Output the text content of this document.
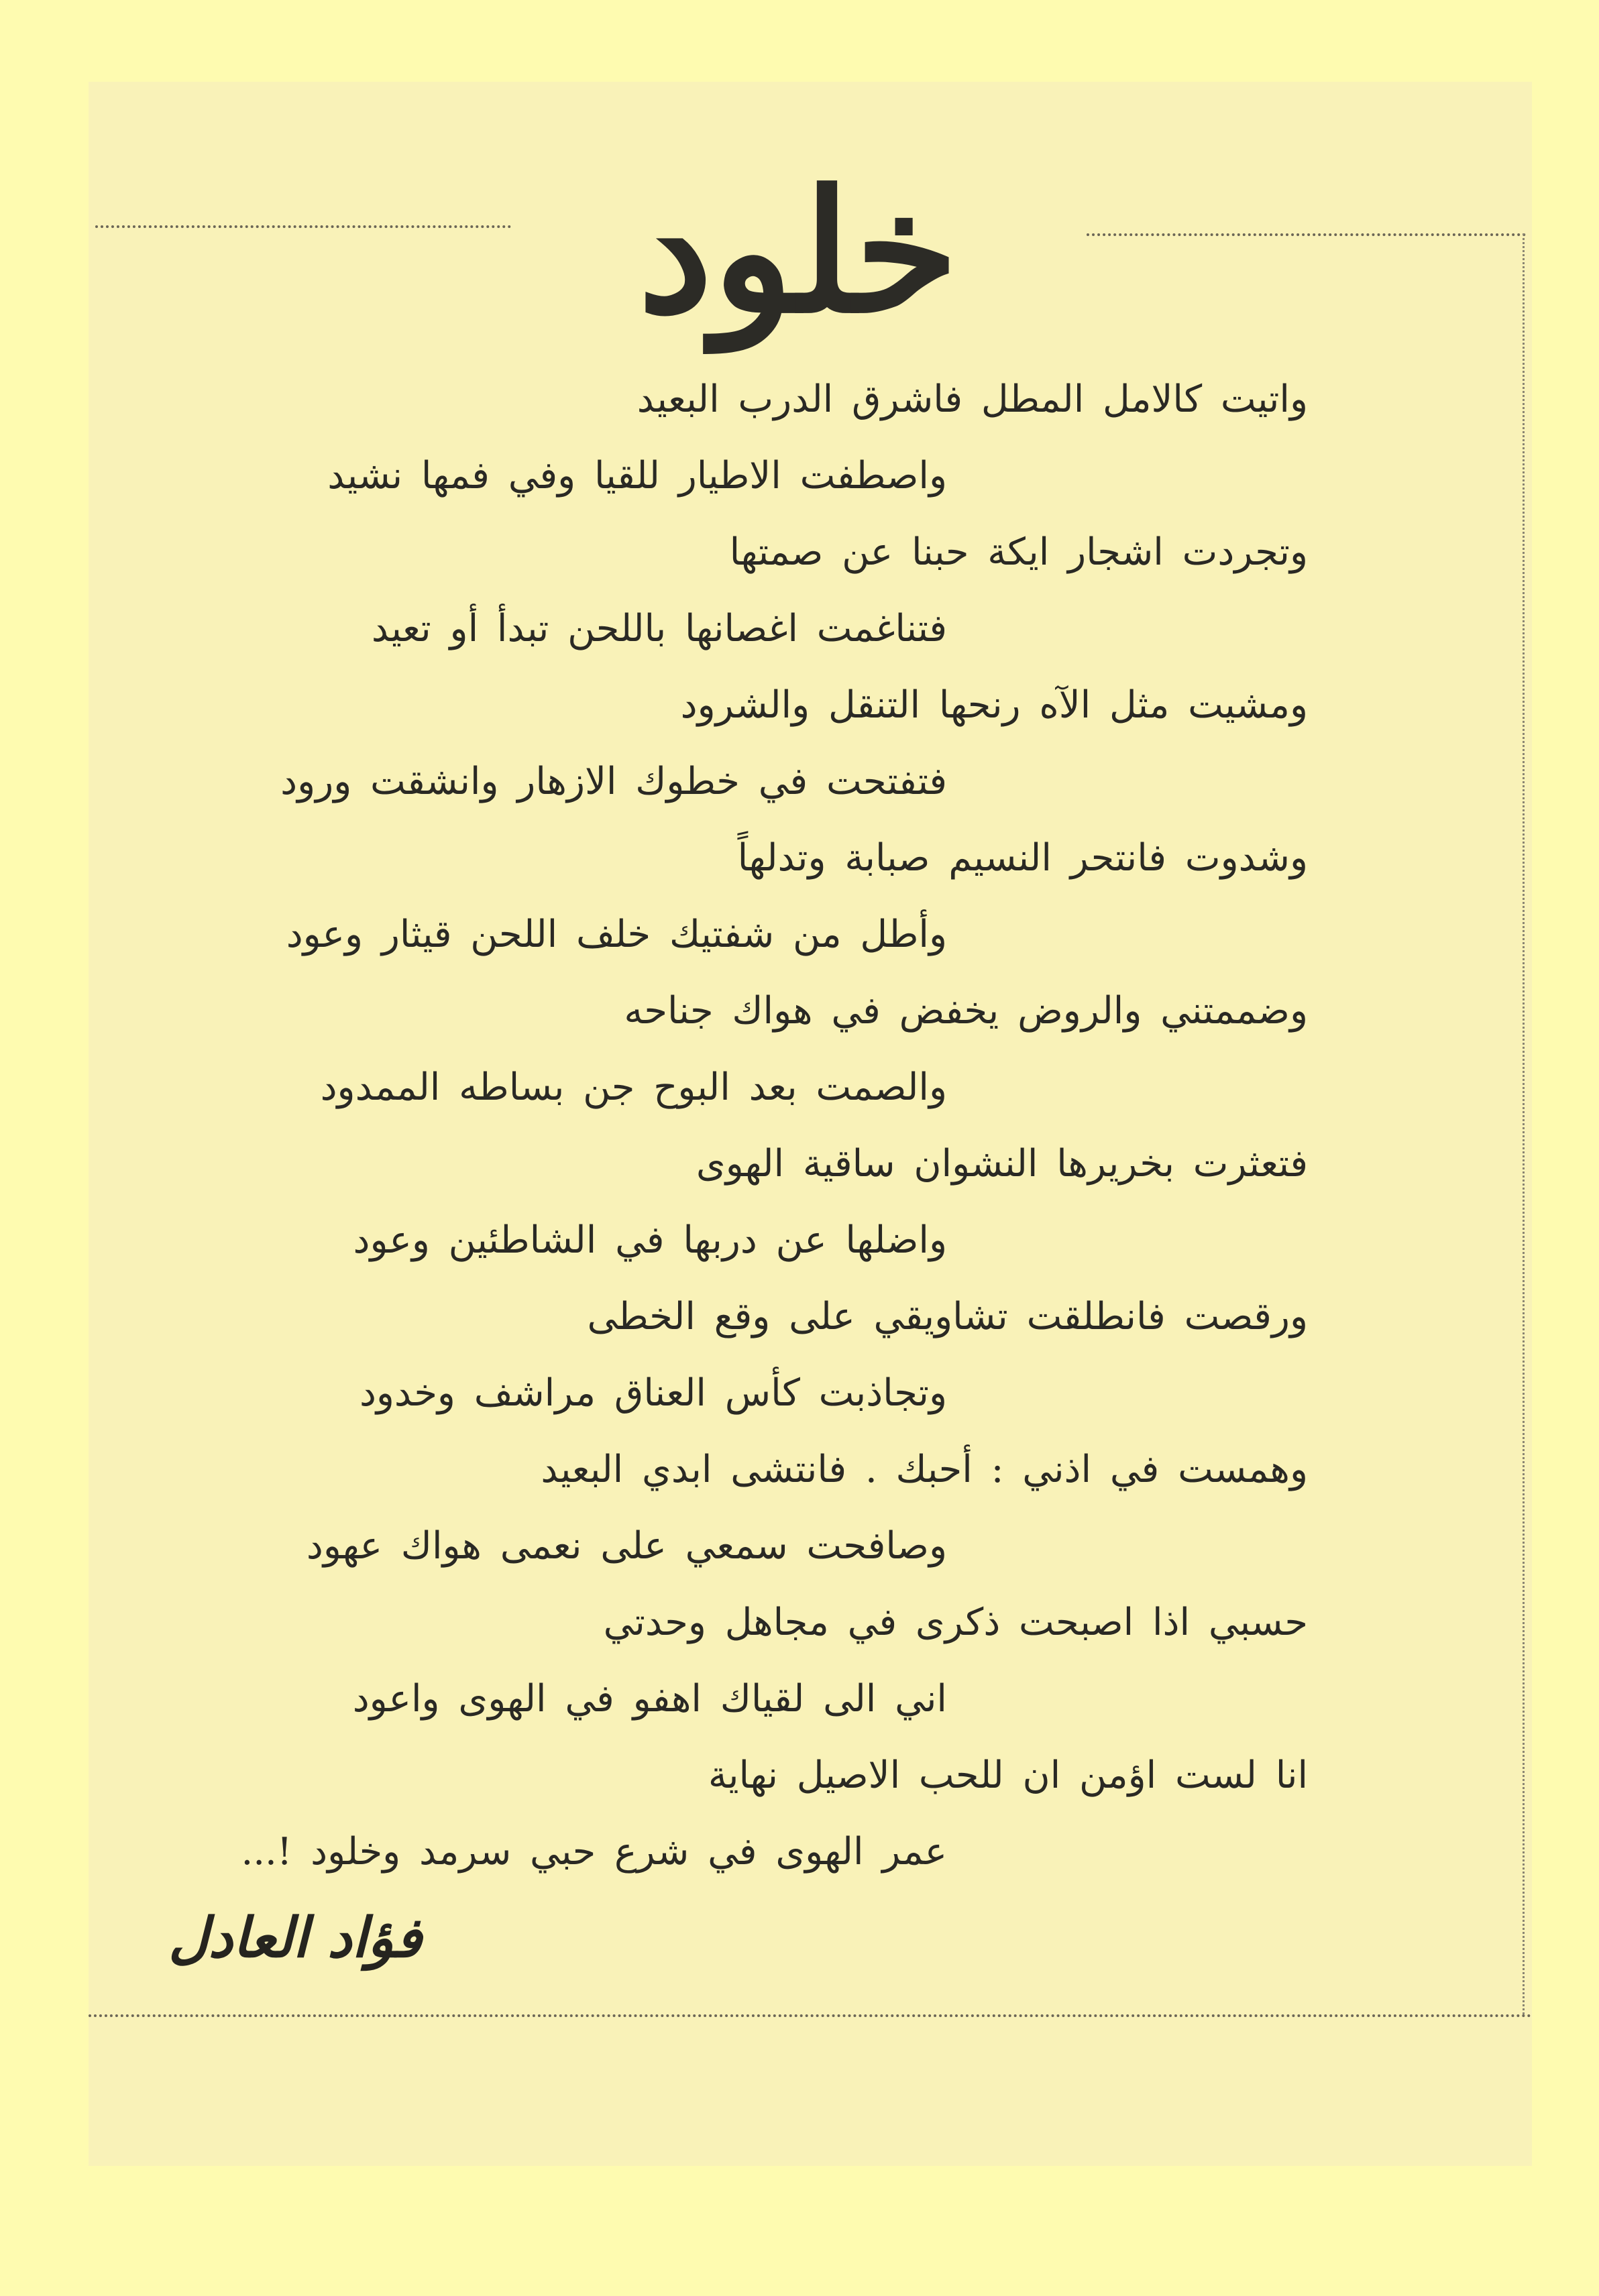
خلود
واتيت كالامل المطل فاشرق الدرب البعيد
واصطفت الاطيار للقيا وفي فمها نشيد
وتجردت اشجار ايكة حبنا عن صمتها
فتناغمت اغصانها باللحن تبدأ أو تعيد
ومشيت مثل الآه رنحها التنقل والشرود
فتفتحت في خطوك الازهار وانشقت ورود
وشدوت فانتحر النسيم صبابة وتدلهاً
وأطل من شفتيك خلف اللحن قيثار وعود
وضممتني والروض يخفض في هواك جناحه
والصمت بعد البوح جن بساطه الممدود
فتعثرت بخريرها النشوان ساقية الهوى
واضلها عن دربها في الشاطئين وعود
ورقصت فانطلقت تشاويقي على وقع الخطى
وتجاذبت كأس العناق مراشف وخدود
وهمست في اذني : أحبك . فانتشى ابدي البعيد
وصافحت سمعي على نعمى هواك عهود
حسبي اذا اصبحت ذكرى في مجاهل وحدتي
اني الى لقياك اهفو في الهوى واعود
انا لست اؤمن ان للحب الاصيل نهاية
عمر الهوى في شرع حبي سرمد وخلود !...
فؤاد العادل
